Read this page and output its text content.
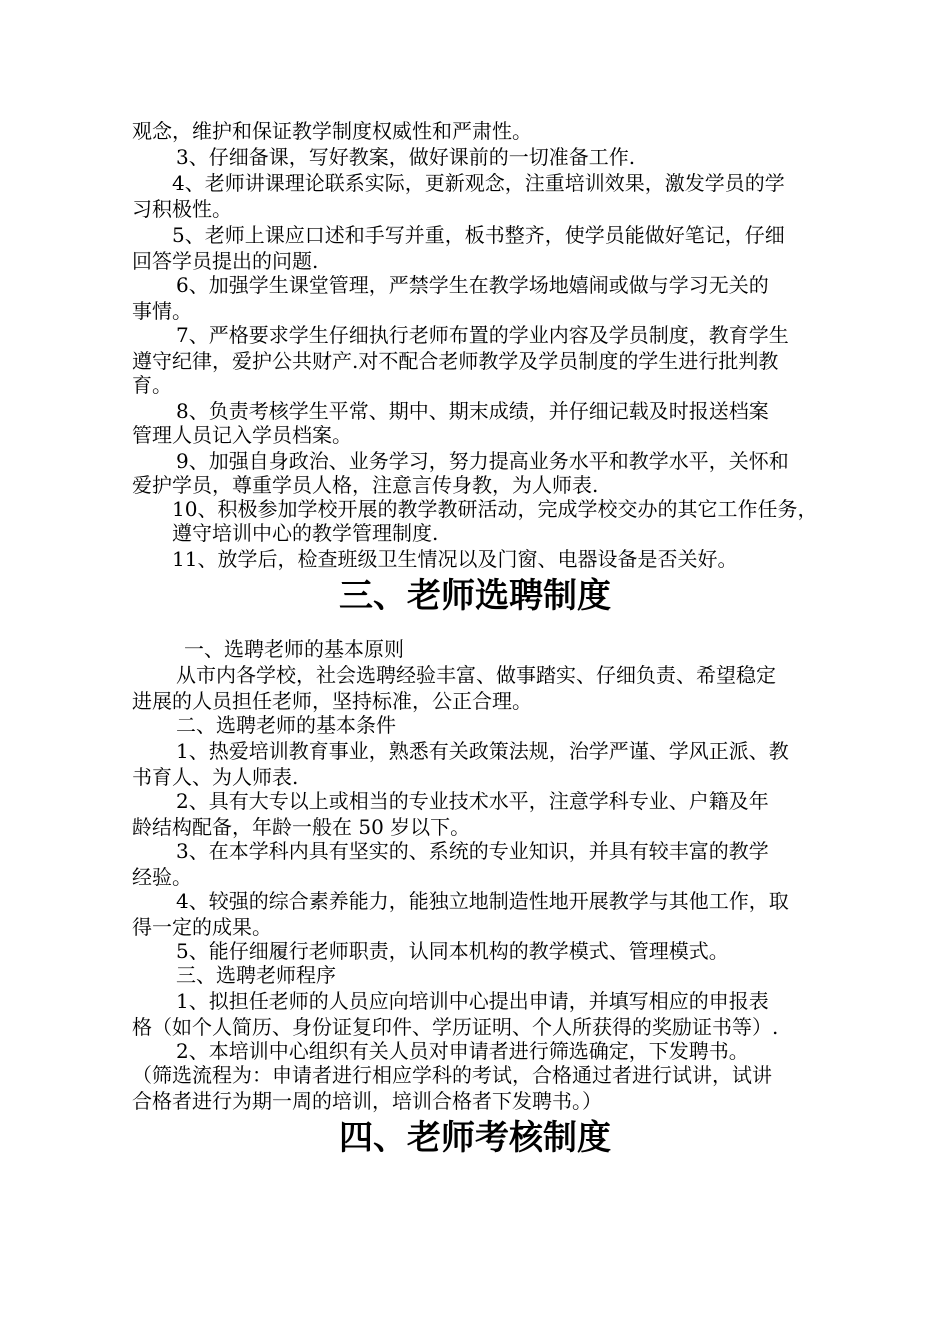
观念，维护和保证教学制度权威性和严肃性。
3、仔细备课，写好教案，做好课前的一切准备工作.
4、老师讲课理论联系实际，更新观念，注重培训效果，激发学员的学
习积极性。
5、老师上课应口述和手写并重，板书整齐，使学员能做好笔记，仔细
回答学员提出的问题.
6、加强学生课堂管理，严禁学生在教学场地嬉闹或做与学习无关的
事情。
7、严格要求学生仔细执行老师布置的学业内容及学员制度，教育学生
遵守纪律，爱护公共财产.对不配合老师教学及学员制度的学生进行批判教
育。
8、负责考核学生平常、期中、期末成绩，并仔细记载及时报送档案
管理人员记入学员档案。
9、加强自身政治、业务学习，努力提高业务水平和教学水平，关怀和
爱护学员，尊重学员人格，注意言传身教，为人师表.
10、积极参加学校开展的教学教研活动，完成学校交办的其它工作任务，
遵守培训中心的教学管理制度.
11、放学后，检查班级卫生情况以及门窗、电器设备是否关好。
三、老师选聘制度
一、选聘老师的基本原则
从市内各学校，社会选聘经验丰富、做事踏实、仔细负责、希望稳定
进展的人员担任老师，坚持标准，公正合理。
二、选聘老师的基本条件
1、热爱培训教育事业，熟悉有关政策法规，治学严谨、学风正派、教
书育人、为人师表.
2、具有大专以上或相当的专业技术水平，注意学科专业、户籍及年
龄结构配备，年龄一般在 50 岁以下。
3、在本学科内具有坚实的、系统的专业知识，并具有较丰富的教学
经验。
4、较强的综合素养能力，能独立地制造性地开展教学与其他工作，取
得一定的成果。
5、能仔细履行老师职责，认同本机构的教学模式、管理模式。
三、选聘老师程序
1、拟担任老师的人员应向培训中心提出申请，并填写相应的申报表
格（如个人简历、身份证复印件、学历证明、个人所获得的奖励证书等）.
2、本培训中心组织有关人员对申请者进行筛选确定，下发聘书。
（筛选流程为：申请者进行相应学科的考试，合格通过者进行试讲，试讲
合格者进行为期一周的培训，培训合格者下发聘书。）
四、老师考核制度
